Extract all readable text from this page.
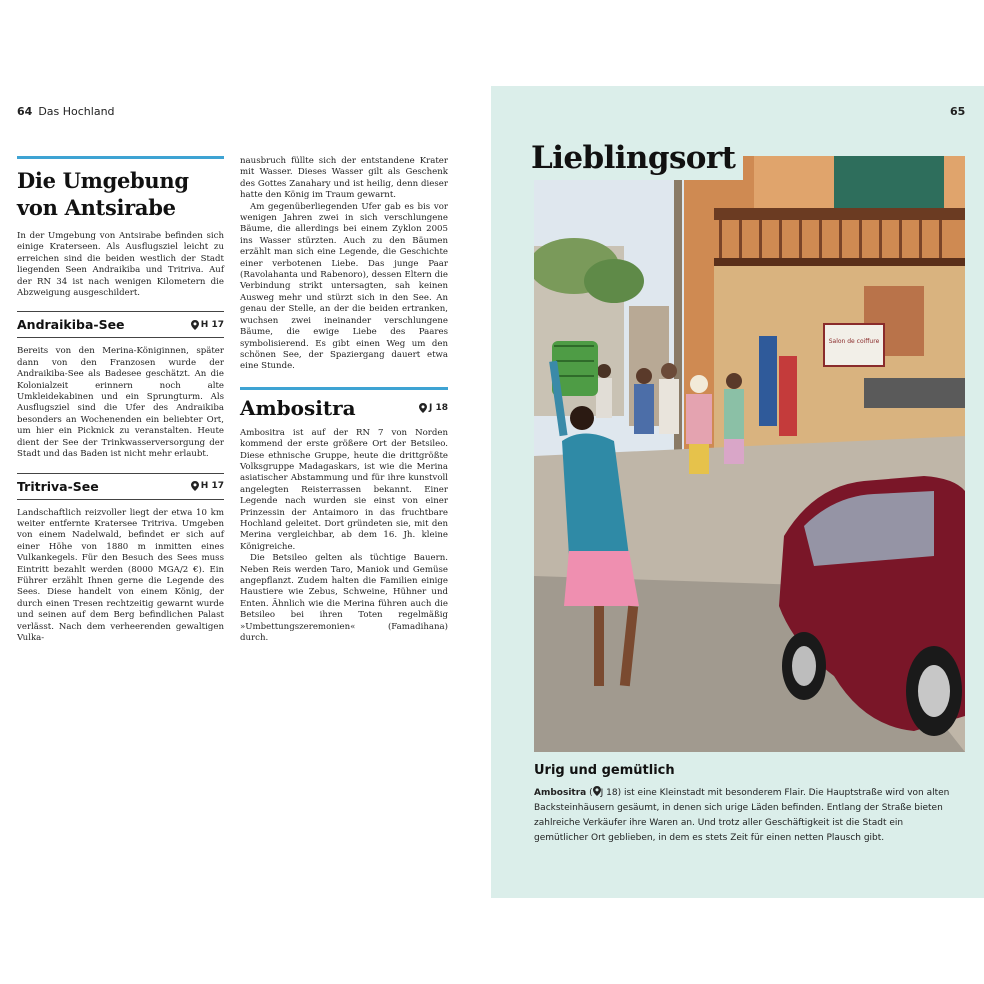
64 Das Hochland
Die Umgebung von Antsirabe

In der Umgebung von Antsirabe befinden sich einige Kraterseen. Als Ausflugsziel leicht zu erreichen sind die beiden westlich der Stadt liegenden Seen Andraikiba und Tritriva. Auf der RN 34 ist nach wenigen Kilometern die Abzweigung ausgeschildert.

Andraikiba-See	H 17

Bereits von den Merina-Königinnen, später dann von den Franzosen wurde der Andraikiba-See als Badesee geschätzt. An die Kolonialzeit erinnern noch alte Umkleidekabinen und ein Sprungturm. Als Ausflugsziel sind die Ufer des Andraikiba besonders an Wochenenden ein beliebter Ort, um hier ein Picknick zu veranstalten. Heute dient der See der Trinkwasserversorgung der Stadt und das Baden ist nicht mehr erlaubt.

Tritriva-See	H 17

Landschaftlich reizvoller liegt der etwa 10 km weiter entfernte Kratersee Tritriva. Umgeben von einem Nadelwald, befindet er sich auf einer Höhe von 1880 m inmitten eines Vulkankegels. Für den Besuch des Sees muss Eintritt bezahlt werden (8000 MGA/2 €). Ein Führer erzählt Ihnen gerne die Legende des Sees. Diese handelt von einem König, der durch einen Tresen rechtzeitig gewarnt wurde und seinen auf dem Berg befindlichen Palast verlässt. Nach dem verheerenden gewaltigen Vulka-

nausbruch füllte sich der entstandene Krater mit Wasser. Dieses Wasser gilt als Geschenk des Gottes Zanahary und ist heilig, denn dieser hatte den König im Traum gewarnt.

Am gegenüberliegenden Ufer gab es bis vor wenigen Jahren zwei in sich verschlungene Bäume, die allerdings bei einem Zyklon 2005 ins Wasser stürzten. Auch zu den Bäumen erzählt man sich eine Legende, die Geschichte einer verbotenen Liebe. Das junge Paar (Ravolahanta und Rabenoro), dessen Eltern die Verbindung strikt untersagten, sah keinen Ausweg mehr und stürzt sich in den See. An genau der Stelle, an der die beiden ertranken, wuchsen zwei ineinander verschlungene Bäume, die ewige Liebe des Paares symbolisierend. Es gibt einen Weg um den schönen See, der Spaziergang dauert etwa eine Stunde.

Ambositra	J 18

Ambositra ist auf der RN 7 von Norden kommend der erste größere Ort der Betsileo. Diese ethnische Gruppe, heute die drittgrößte Volksgruppe Madagaskars, ist wie die Merina asiatischer Abstammung und für ihre kunstvoll angelegten Reisterrassen bekannt. Einer Legende nach wurden sie einst von einer Prinzessin der Antaimoro in das fruchtbare Hochland geleitet. Dort gründeten sie, mit den Merina vergleichbar, ab dem 16. Jh. kleine Königreiche.

Die Betsileo gelten als tüchtige Bauern. Neben Reis werden Taro, Maniok und Gemüse angepflanzt. Zudem halten die Familien einige Haustiere wie Zebus, Schweine, Hühner und Enten. Ähnlich wie die Merina führen auch die Betsileo bei ihren Toten regelmäßig »Umbettungszeremonien« (Famadihana) durch.

65
Salon de coiffure
Lieblingsort
Urig und gemütlich
Ambositra ( J 18) ist eine Kleinstadt mit besonderem Flair. Die Hauptstraße wird von alten Backsteinhäusern gesäumt, in denen sich urige Läden befinden. Entlang der Straße bieten zahlreiche Verkäufer ihre Waren an. Und trotz aller Geschäftigkeit ist die Stadt ein gemütlicher Ort geblieben, in dem es stets Zeit für einen netten Plausch gibt.
